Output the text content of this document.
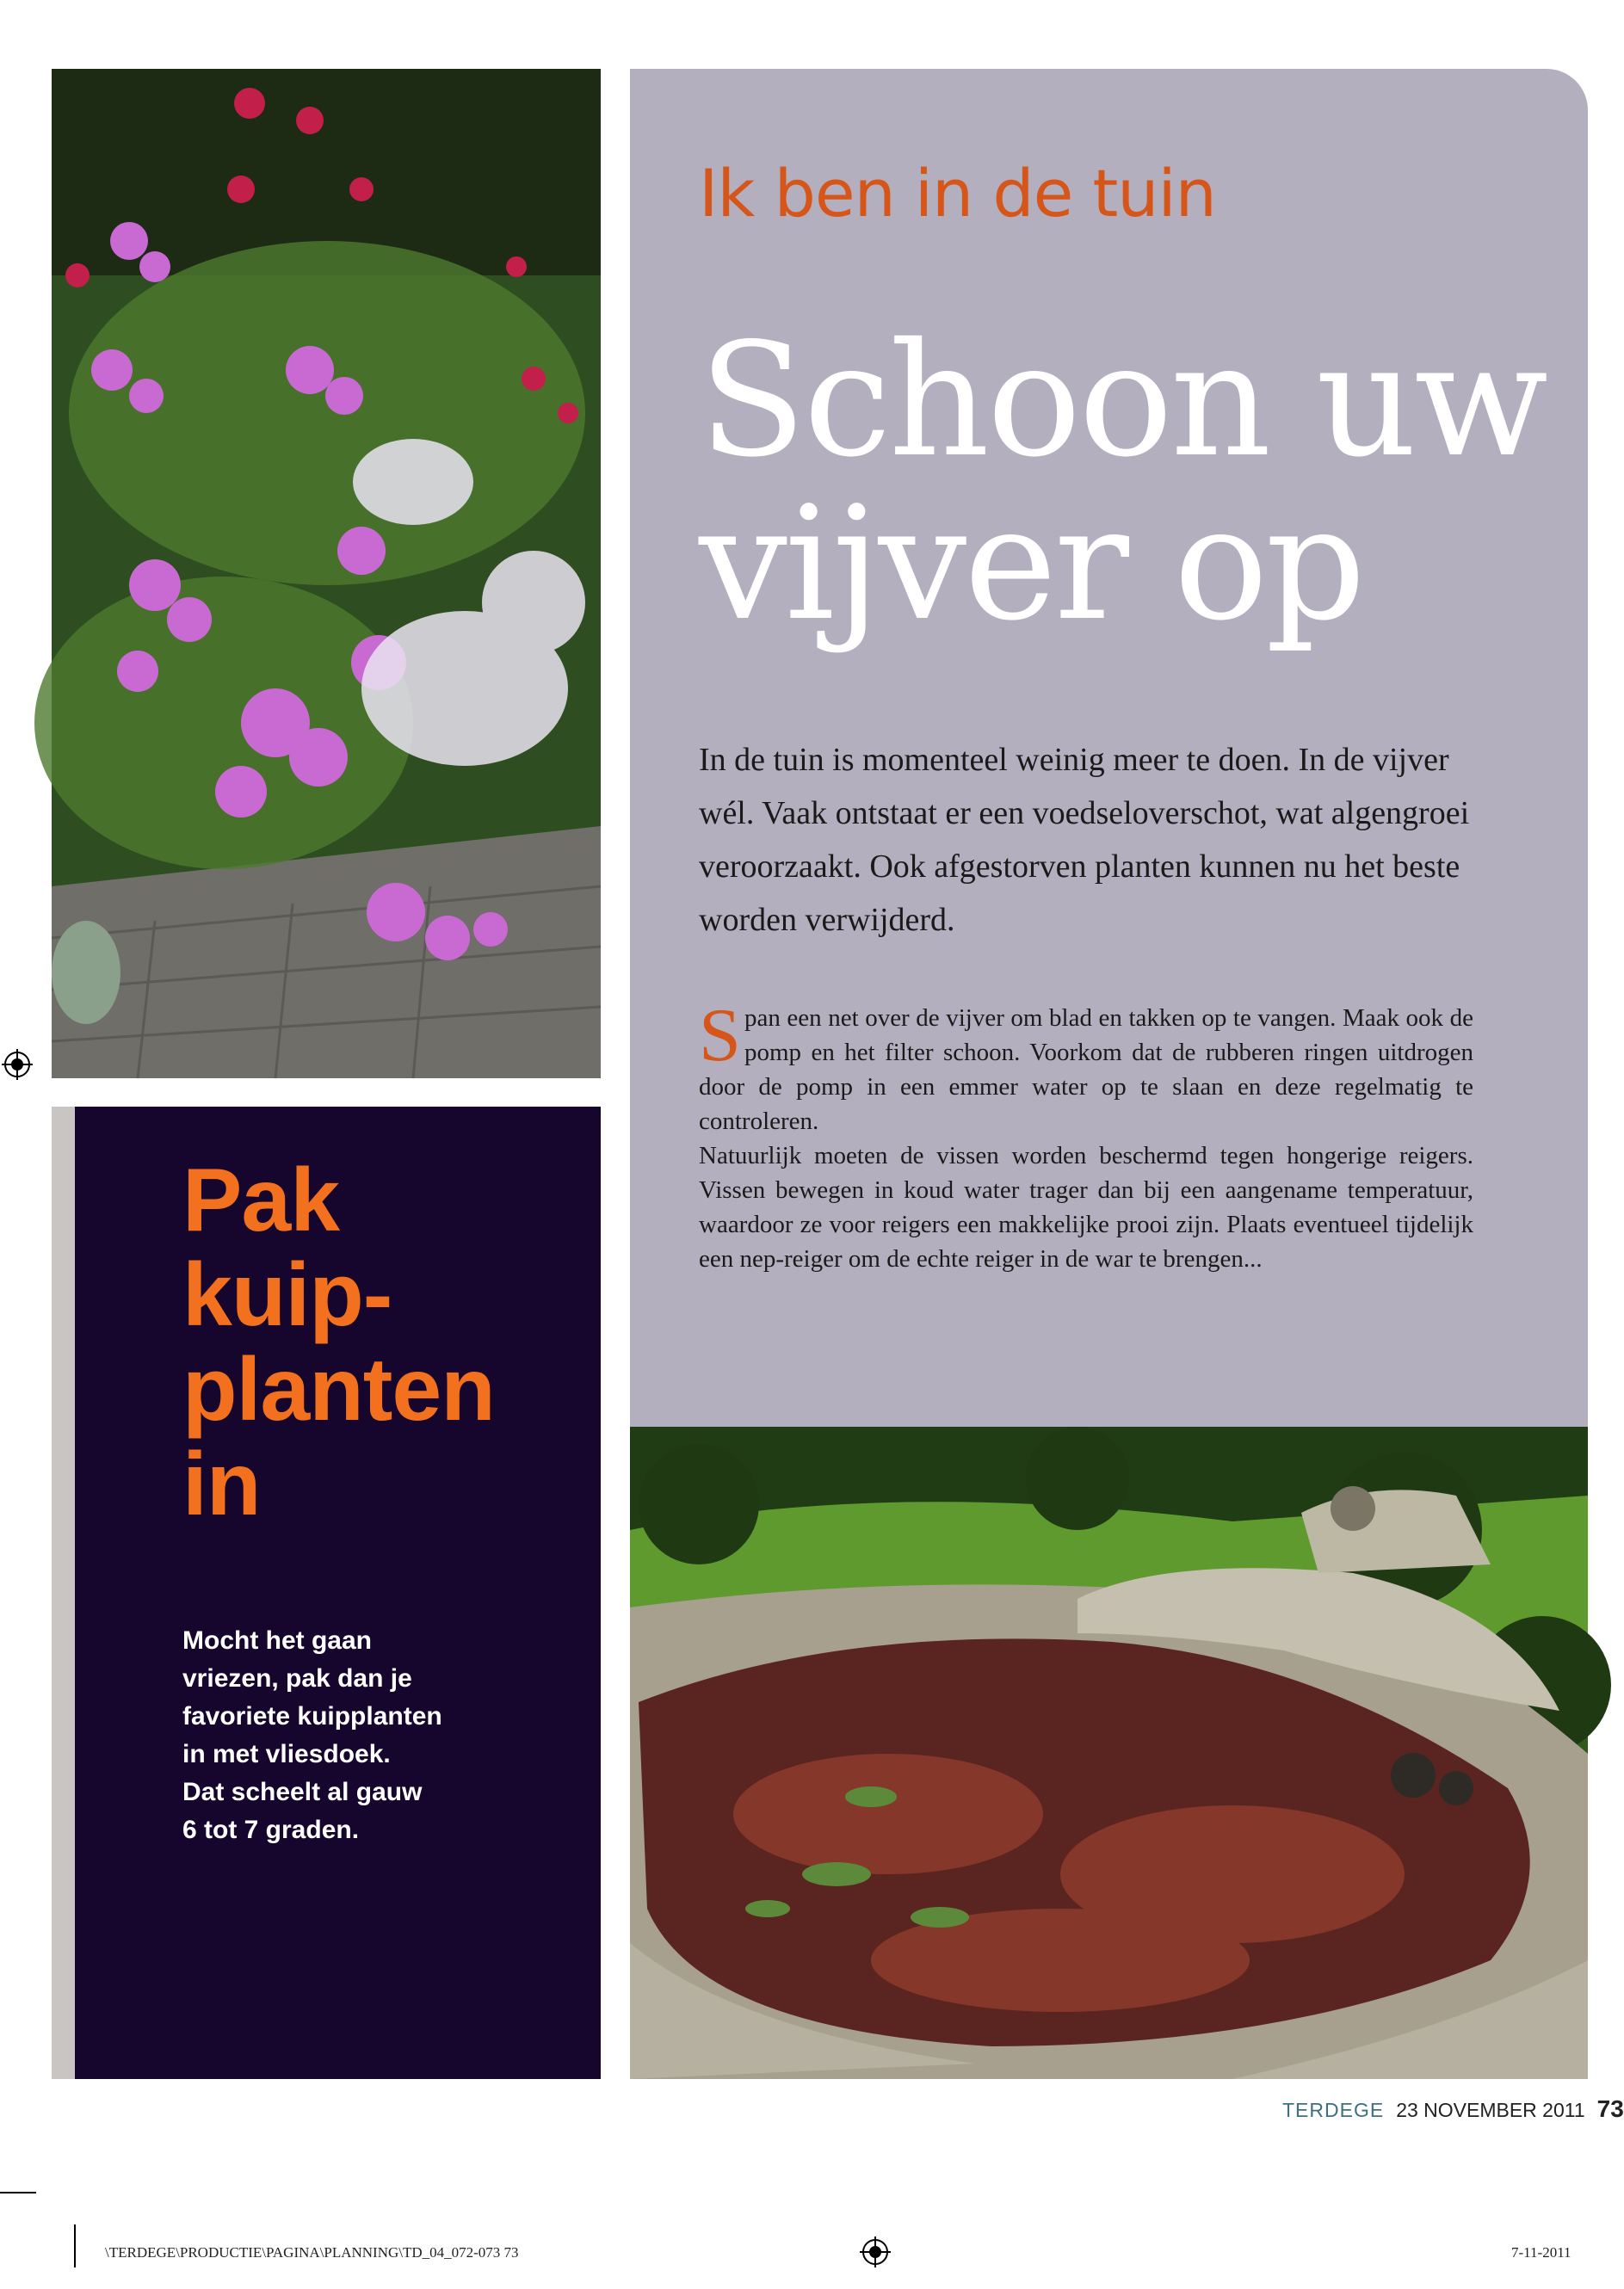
Ik ben in de tuin
Schoon uw
vijver op
In de tuin is momenteel weinig meer te doen. In de vijver wél. Vaak ontstaat er een voedseloverschot, wat algengroei veroorzaakt. Ook afgestorven planten kunnen nu het beste worden verwijderd.

Span een net over de vijver om blad en takken op te vangen. Maak ook de pomp en het filter schoon. Voorkom dat de rubberen ringen uitdrogen door de pomp in een emmer water op te slaan en deze regelmatig te controleren.

Natuurlijk moeten de vissen worden beschermd tegen hongerige reigers. Vissen bewegen in koud water trager dan bij een aangename temperatuur, waardoor ze voor reigers een makkelijke prooi zijn. Plaats eventueel tijdelijk een nep-reiger om de echte reiger in de war te brengen...

Pak
kuip-
planten
in
Mocht het gaan
vriezen, pak dan je
favoriete kuipplanten
in met vliesdoek.
Dat scheelt al gauw
6 tot 7 graden.
TERDEGE 23 NOVEMBER 2011 73
\TERDEGE\PRODUCTIE\PAGINA\PLANNING\TD_04_072-073 73	7-11-2011
